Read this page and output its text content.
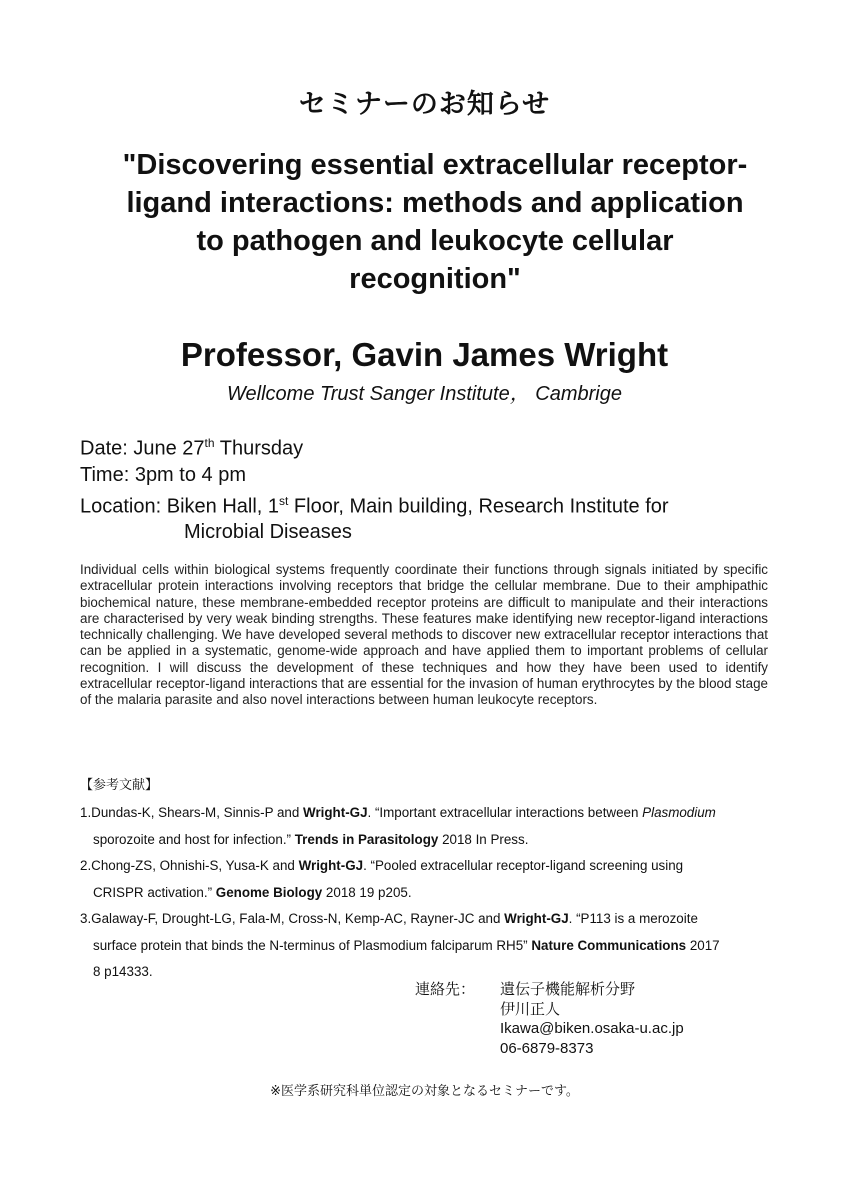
セミナーのお知らせ
"Discovering essential extracellular receptor-ligand interactions: methods and application to pathogen and leukocyte cellular recognition"
Professor, Gavin James Wright

Wellcome Trust Sanger Institute， Cambrige

Date: June 27th Thursday
Time: 3pm to 4 pm
Location: Biken Hall, 1st Floor, Main building, Research Institute for
Microbial Diseases

Individual cells within biological systems frequently coordinate their functions through signals initiated by specific extracellular protein interactions involving receptors that bridge the cellular membrane. Due to their amphipathic biochemical nature, these membrane-embedded receptor proteins are difficult to manipulate and their interactions are characterised by very weak binding strengths. These features make identifying new receptor-ligand interactions technically challenging. We have developed several methods to discover new extracellular receptor interactions that can be applied in a systematic, genome-wide approach and have applied them to important problems of cellular recognition. I will discuss the development of these techniques and how they have been used to identify extracellular receptor-ligand interactions that are essential for the invasion of human erythrocytes by the blood stage of the malaria parasite and also novel interactions between human leukocyte receptors.

【参考文献】

1.Dundas-K, Shears-M, Sinnis-P and Wright-GJ. “Important extracellular interactions between Plasmodium
sporozoite and host for infection.” Trends in Parasitology 2018 In Press.
2.Chong-ZS, Ohnishi-S, Yusa-K and Wright-GJ. “Pooled extracellular receptor-ligand screening using
CRISPR activation.” Genome Biology 2018 19 p205.
3.Galaway-F, Drought-LG, Fala-M, Cross-N, Kemp-AC, Rayner-JC and Wright-GJ. “P113 is a merozoite
surface protein that binds the N-terminus of Plasmodium falciparum RH5” Nature Communications 2017
8 p14333.
連絡先： 遺伝子機能解析分野
伊川正人
Ikawa@biken.osaka-u.ac.jp
06-6879-8373

※医学系研究科単位認定の対象となるセミナーです。
